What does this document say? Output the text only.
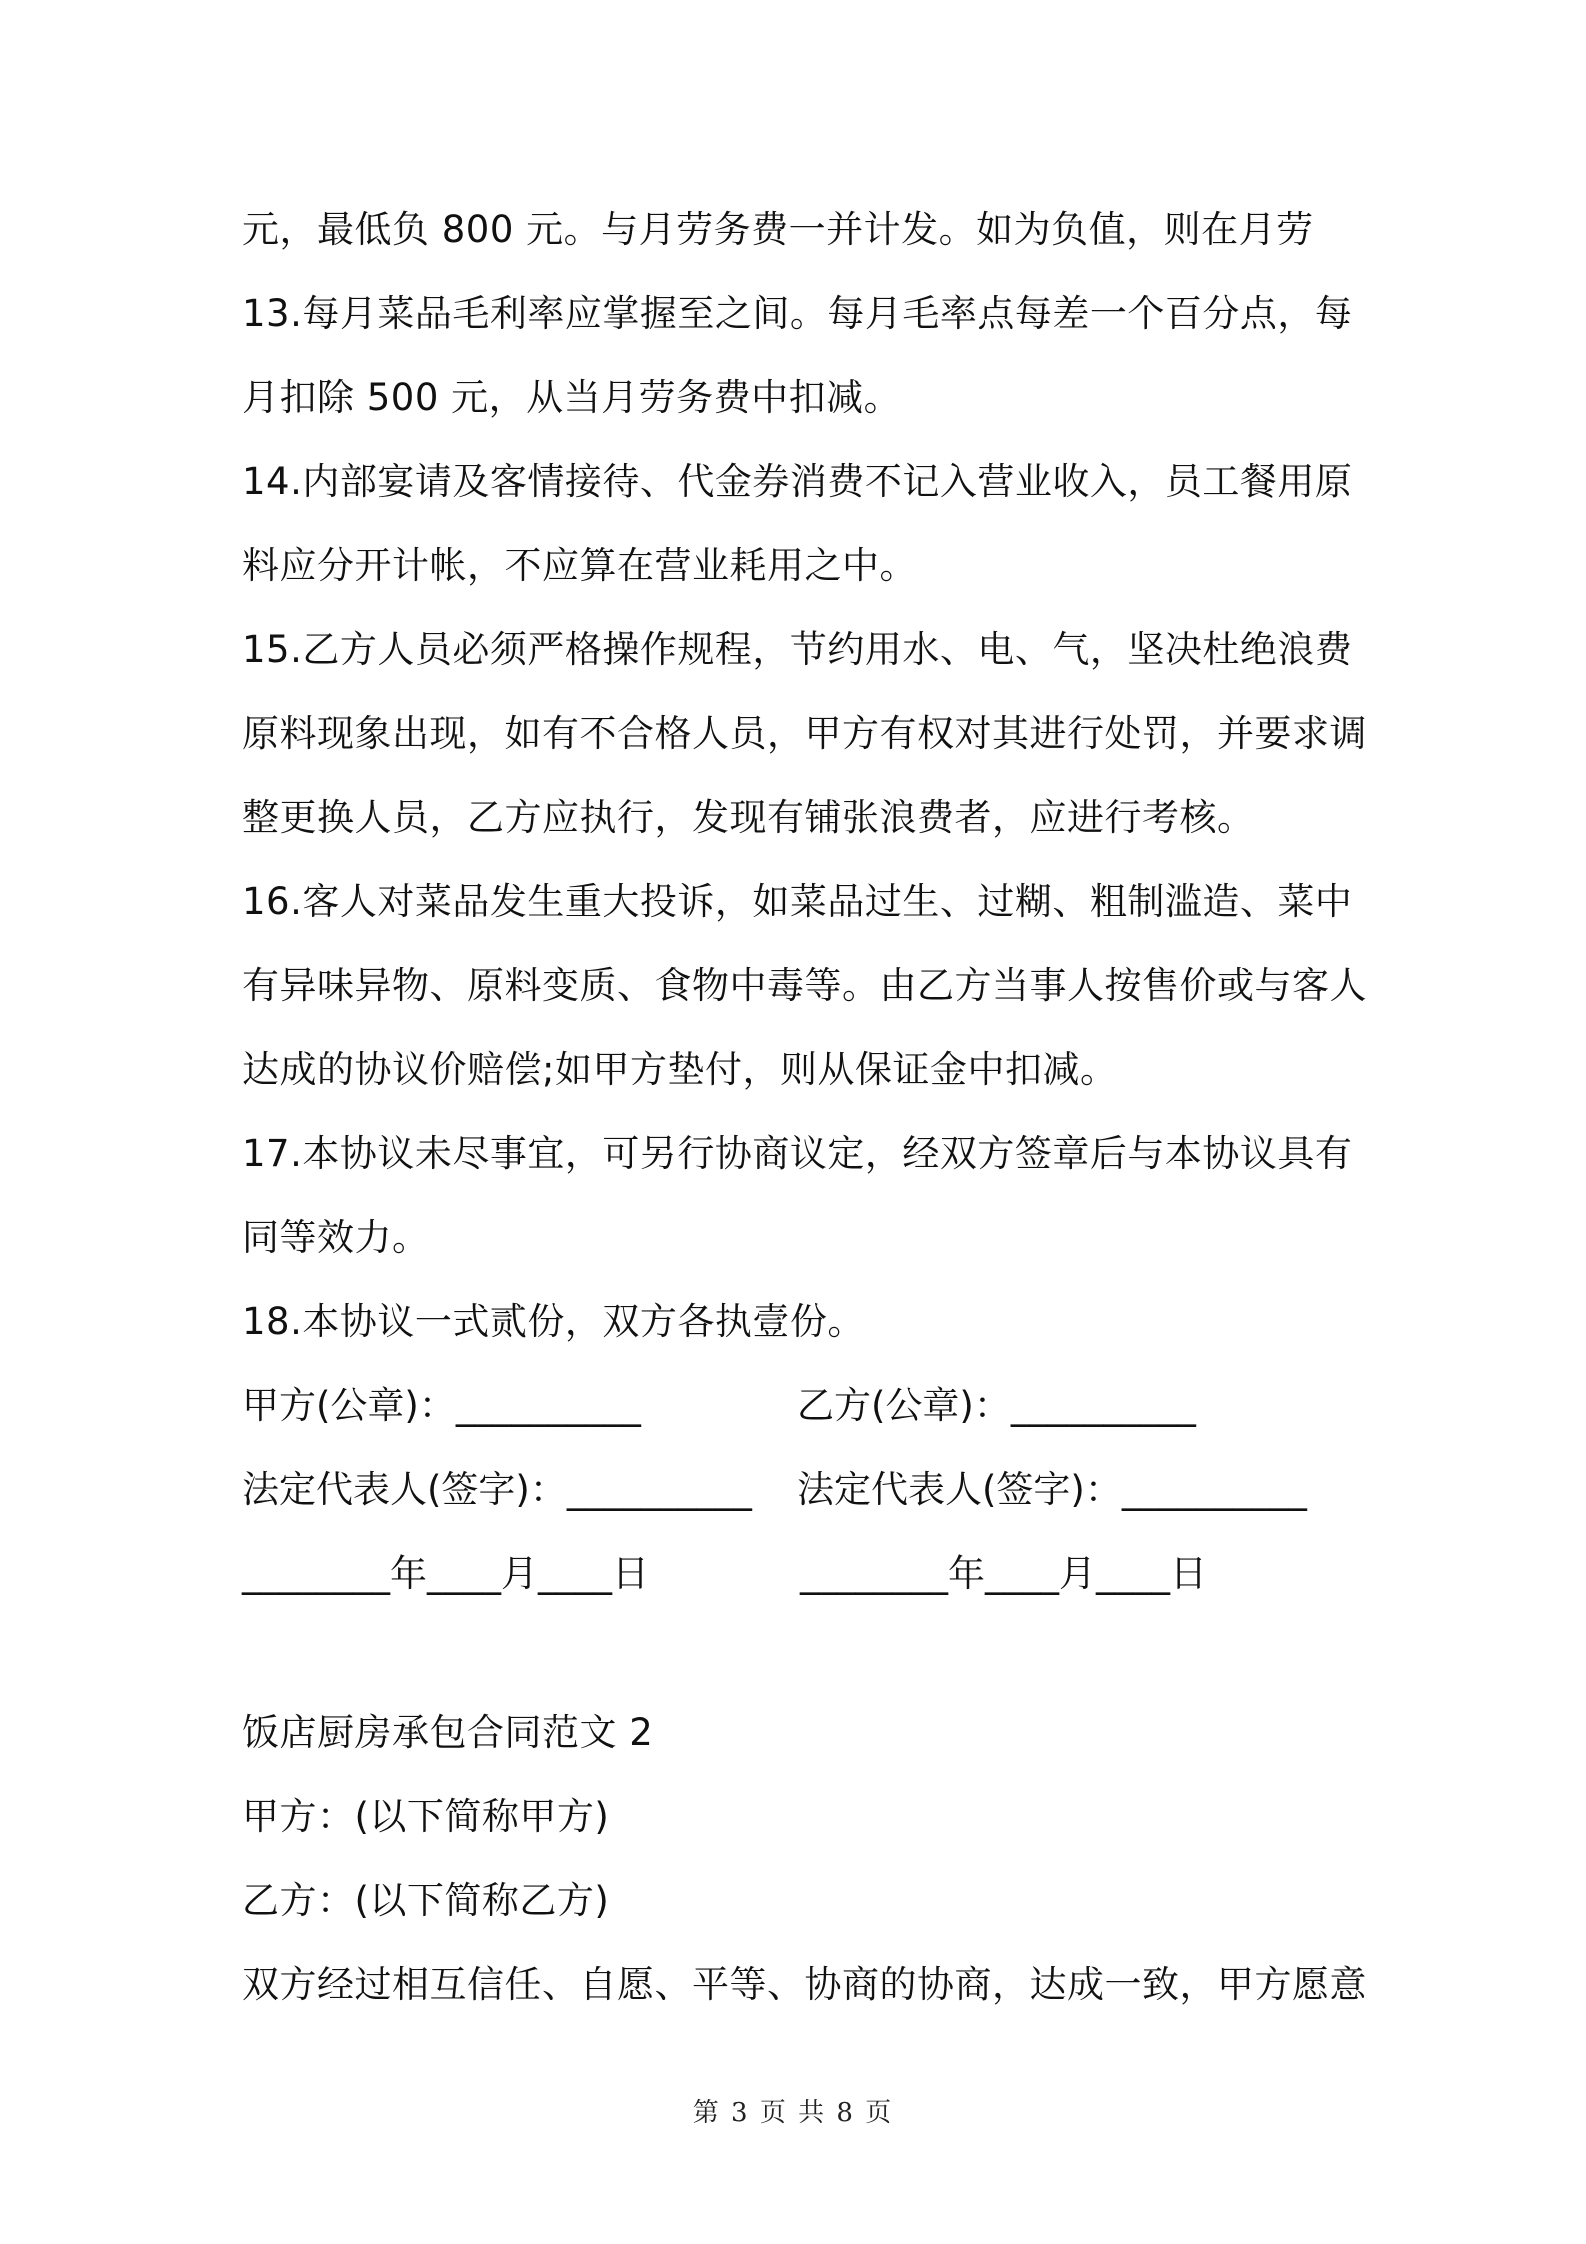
元，最低负 800 元。与月劳务费一并计发。如为负值，则在月劳
13.每月菜品毛利率应掌握至之间。每月毛率点每差一个百分点，每
月扣除 500 元，从当月劳务费中扣减。
14.内部宴请及客情接待、代金券消费不记入营业收入，员工餐用原
料应分开计帐，不应算在营业耗用之中。
15.乙方人员必须严格操作规程，节约用水、电、气，坚决杜绝浪费
原料现象出现，如有不合格人员，甲方有权对其进行处罚，并要求调
整更换人员，乙方应执行，发现有铺张浪费者，应进行考核。
16.客人对菜品发生重大投诉，如菜品过生、过糊、粗制滥造、菜中
有异味异物、原料变质、食物中毒等。由乙方当事人按售价或与客人
达成的协议价赔偿;如甲方垫付，则从保证金中扣减。
17.本协议未尽事宜，可另行协商议定，经双方签章后与本协议具有
同等效力。
18.本协议一式贰份，双方各执壹份。
甲方(公章)：__________	乙方(公章)：__________
法定代表人(签字)：__________ 法定代表人(签字)：__________
________年____月____日	________年____月____日
饭店厨房承包合同范文 2
甲方：(以下简称甲方)
乙方：(以下简称乙方)
双方经过相互信任、自愿、平等、协商的协商，达成一致，甲方愿意
第 3 页 共 8 页
